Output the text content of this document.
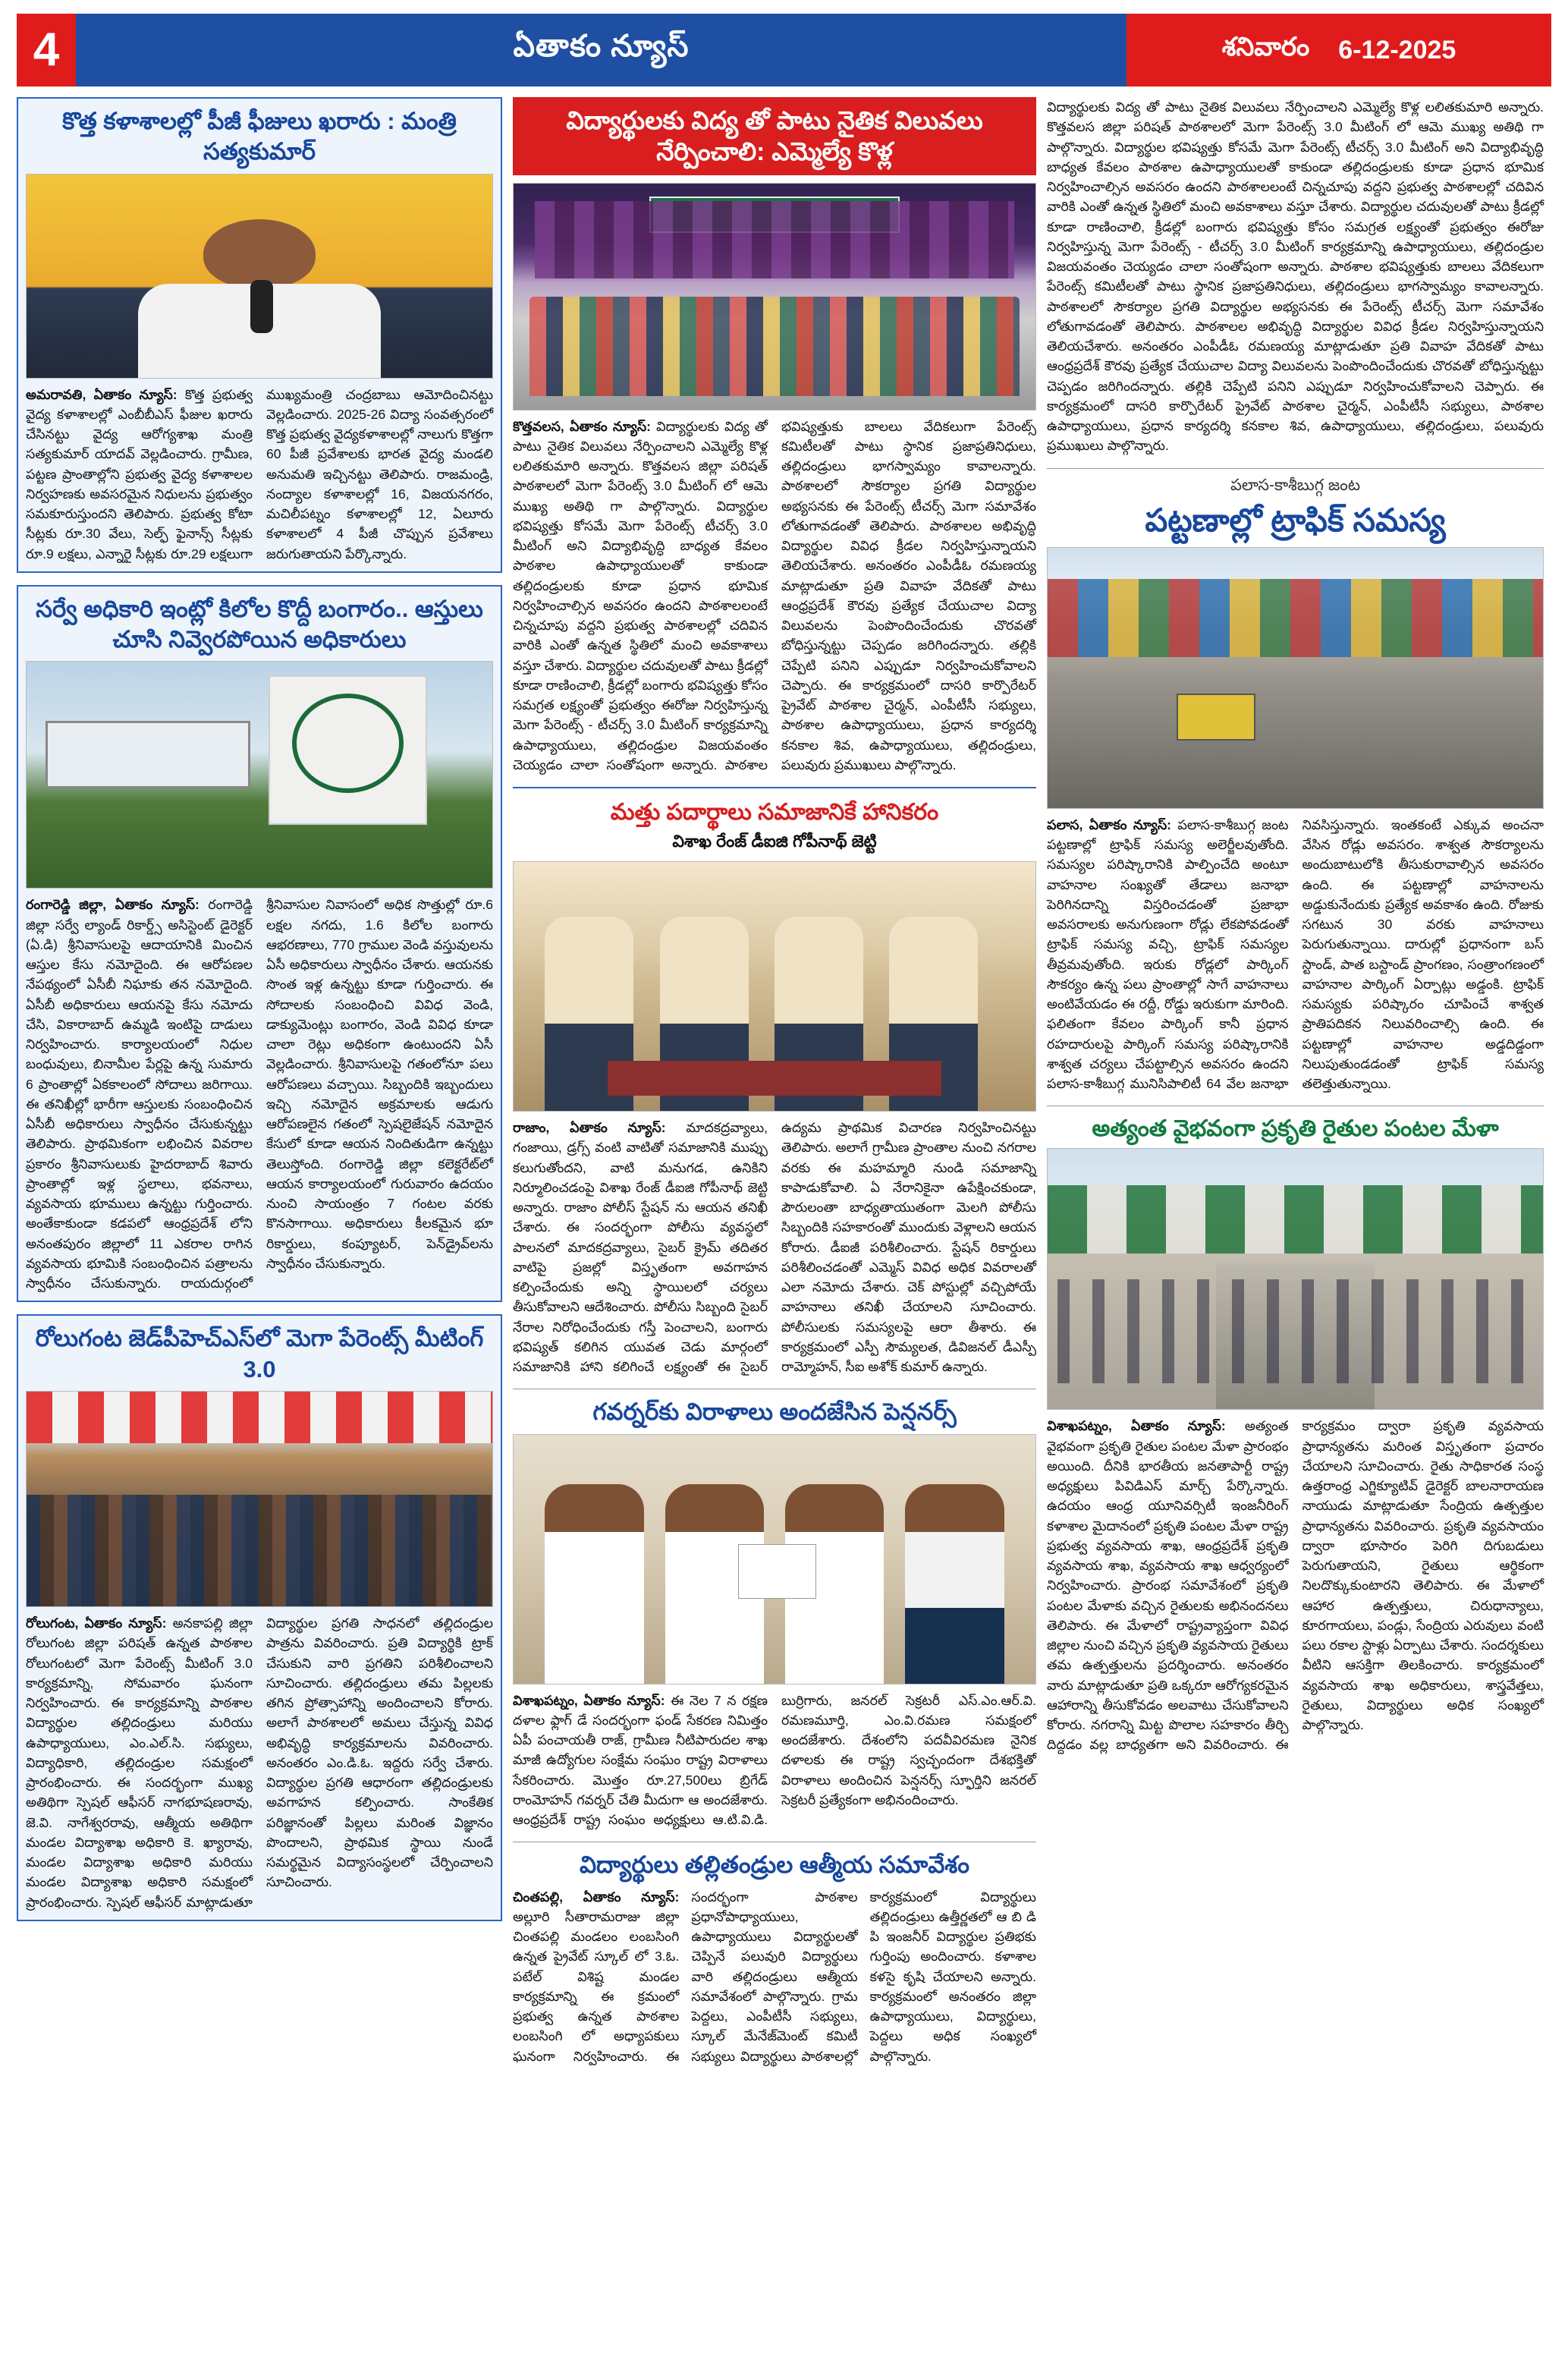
4	ఏతాకం న్యూస్	శనివారం 6-12-2025
కొత్త కళాశాలల్లో పీజీ ఫీజులు ఖరారు : మంత్రి సత్యకుమార్
అమరావతి, ఏతాకం న్యూస్: కొత్త ప్రభుత్వ వైద్య కళాశాలల్లో ఎంబీబీఎస్ ఫీజుల ఖరారు చేసినట్టు వైద్య ఆరోగ్యశాఖ మంత్రి సత్యకుమార్ యాదవ్ వెల్లడించారు. గ్రామీణ, పట్టణ ప్రాంతాల్లోని ప్రభుత్వ వైద్య కళాశాలల నిర్వహణకు అవసరమైన నిధులను ప్రభుత్వం సమకూరుస్తుందని తెలిపారు. ప్రభుత్వ కోటా సీట్లకు రూ.30 వేలు, సెల్ఫ్ ఫైనాన్స్ సీట్లకు రూ.9 లక్షలు, ఎన్నారై సీట్లకు రూ.29 లక్షలుగా ముఖ్యమంత్రి చంద్రబాబు ఆమోదించినట్టు వెల్లడించారు. 2025-26 విద్యా సంవత్సరంలో కొత్త ప్రభుత్వ వైద్యకళాశాలల్లో నాలుగు కొత్తగా 60 పీజీ ప్రవేశాలకు భారత వైద్య మండలి అనుమతి ఇచ్చినట్టు తెలిపారు. రాజమండ్రి, నంద్యాల కళాశాలల్లో 16, విజయనగరం, మచిలీపట్నం కళాశాలల్లో 12, ఏలూరు కళాశాలలో 4 పీజీ చొప్పున ప్రవేశాలు జరుగుతాయని పేర్కొన్నారు.
సర్వే అధికారి ఇంట్లో కిలోల కొద్దీ బంగారం.. ఆస్తులు చూసి నివ్వెరపోయిన అధికారులు
రంగారెడ్డి జిల్లా, ఏతాకం న్యూస్: రంగారెడ్డి జిల్లా సర్వే ల్యాండ్ రికార్డ్స్ అసిస్టెంట్ డైరెక్టర్ (ఏ.డి) శ్రీనివాసులపై ఆదాయానికి మించిన ఆస్తుల కేసు నమోదైంది. ఈ ఆరోపణల నేపథ్యంలో ఏసీబీ నిఘాకు తన నమోదైంది. ఏసీబీ అధికారులు ఆయనపై కేసు నమోదు చేసి, వికారాబాద్ ఉమ్మడి ఇంటిపై దాడులు నిర్వహించారు. కార్యాలయంలో నిధుల బంధువులు, బినామీల పేర్లపై ఉన్న సుమారు 6 ప్రాంతాల్లో ఏకకాలంలో సోదాలు జరిగాయి. ఈ తనిఖీల్లో భారీగా ఆస్తులకు సంబంధించిన ఏసీబీ అధికారులు స్వాధీనం చేసుకున్నట్టు తెలిపారు. ప్రాథమికంగా లభించిన వివరాల ప్రకారం శ్రీనివాసులుకు హైదరాబాద్ శివారు ప్రాంతాల్లో ఇళ్ల స్థలాలు, భవనాలు, వ్యవసాయ భూములు ఉన్నట్టు గుర్తించారు. అంతేకాకుండా కడపలో ఆంధ్రప్రదేశ్ లోని అనంతపురం జిల్లాలో 11 ఎకరాల రాగిన వ్యవసాయ భూమికి సంబంధించిన పత్రాలను స్వాధీనం చేసుకున్నారు. రాయదుర్గంలో శ్రీనివాసుల నివాసంలో అధిక సొత్తుల్లో రూ.6 లక్షల నగదు, 1.6 కిలోల బంగారు ఆభరణాలు, 770 గ్రాముల వెండి వస్తువులను ఏసీ అధికారులు స్వాధీనం చేశారు. ఆయనకు సొంత ఇళ్ల ఉన్నట్టు కూడా గుర్తించారు. ఈ సోదాలకు సంబంధించి వివిధ వెండి, డాక్యుమెంట్లు బంగారం, వెండి వివిధ కూడా చాలా రెట్లు అధికంగా ఉంటుందని ఏసీ వెల్లడించారు. శ్రీనివాసులపై గతంలోనూ పలు ఆరోపణలు వచ్చాయి. సిబ్బందికి ఇబ్బందులు ఇచ్చి నమోదైన అక్రమాలకు ఆడుగు ఆరోపణలైన గతంలో స్పెషలైజేషన్ నమోదైన కేసులో కూడా ఆయన నిందితుడిగా ఉన్నట్టు తెలుస్తోంది. రంగారెడ్డి జిల్లా కలెక్టరేట్‌లో ఆయన కార్యాలయంలో గురువారం ఉదయం నుంచి సాయంత్రం 7 గంటల వరకు కొనసాగాయి. అధికారులు కీలకమైన భూ రికార్డులు, కంప్యూటర్, పెన్‌డ్రైవ్‌లను స్వాధీనం చేసుకున్నారు.
రోలుగంట జెడ్‌పీహెచ్‌ఎస్‌లో మెగా పేరెంట్స్ మీటింగ్ 3.0
రోలుగంట, ఏతాకం న్యూస్: అనకాపల్లి జిల్లా రోలుగంట జిల్లా పరిషత్ ఉన్నత పాఠశాల రోలుగంటలో మెగా పేరెంట్స్ మీటింగ్ 3.0 కార్యక్రమాన్ని, సోమవారం ఘనంగా నిర్వహించారు. ఈ కార్యక్రమాన్ని పాఠశాల విద్యార్థుల తల్లిదండ్రులు మరియు ఉపాధ్యాయులు, ఎం.ఎల్.సి. సభ్యులు, విద్యాధికారి, తల్లిదండ్రుల సమక్షంలో ప్రారంభించారు. ఈ సందర్భంగా ముఖ్య అతిథిగా స్పెషల్ ఆఫీసర్ నాగభూషణరావు, జె.వి. నాగేశ్వరరావు, ఆత్మీయ అతిథిగా మండల విద్యాశాఖ అధికారి కె. ఖ్యారావు, మండల విద్యాశాఖ అధికారి మరియు మండల విద్యాశాఖ అధికారి సమక్షంలో ప్రారంభించారు. స్పెషల్ ఆఫీసర్ మాట్లాడుతూ విద్యార్థుల ప్రగతి సాధనలో తల్లిదండ్రుల పాత్రను వివరించారు. ప్రతి విద్యార్థికి ట్రాక్ చేసుకుని వారి ప్రగతిని పరిశీలించాలని సూచించారు. తల్లిదండ్రులు తమ పిల్లలకు తగిన ప్రోత్సాహాన్ని అందించాలని కోరారు. అలాగే పాఠశాలలో అమలు చేస్తున్న వివిధ అభివృద్ధి కార్యక్రమాలను వివరించారు. అనంతరం ఎం.డి.ఓ. ఇద్దరు సర్వే చేశారు. విద్యార్థుల ప్రగతి ఆధారంగా తల్లిదండ్రులకు అవగాహన కల్పించారు. సాంకేతిక పరిజ్ఞానంతో పిల్లలు మరింత విజ్ఞానం పొందాలని, ప్రాథమిక స్థాయి నుండే సమర్థమైన విద్యాసంస్థలలో చేర్పించాలని సూచించారు.
విద్యార్థులకు విద్య తో పాటు నైతిక విలువలు నేర్పించాలి: ఎమ్మెల్యే కొళ్ల
కొత్తవలస, ఏతాకం న్యూస్: విద్యార్థులకు విద్య తో పాటు నైతిక విలువలు నేర్పించాలని ఎమ్మెల్యే కొళ్ల లలితకుమారి అన్నారు. కొత్తవలస జిల్లా పరిషత్ పాఠశాలలో మెగా పేరెంట్స్ 3.0 మీటింగ్ లో ఆమె ముఖ్య అతిథి గా పాల్గొన్నారు. విద్యార్థుల భవిష్యత్తు కోసమే మెగా పేరెంట్స్ టీచర్స్ 3.0 మీటింగ్ అని విద్యాభివృద్ధి బాధ్యత కేవలం పాఠశాల ఉపాధ్యాయులతో కాకుండా తల్లిదండ్రులకు కూడా ప్రధాన భూమిక నిర్వహించాల్సిన అవసరం ఉందని పాఠశాలలంటే చిన్నచూపు వద్దని ప్రభుత్వ పాఠశాలల్లో చదివిన వారికి ఎంతో ఉన్నత స్థితిలో మంచి అవకాశాలు వస్తూ చేశారు. విద్యార్థుల చదువులతో పాటు క్రీడల్లో కూడా రాణించాలి, క్రీడల్లో బంగారు భవిష్యత్తు కోసం సమగ్రత లక్ష్యంతో ప్రభుత్వం ఈరోజు నిర్వహిస్తున్న మెగా పేరెంట్స్ - టీచర్స్ 3.0 మీటింగ్ కార్యక్రమాన్ని ఉపాధ్యాయులు, తల్లిదండ్రుల విజయవంతం చెయ్యడం చాలా సంతోషంగా అన్నారు. పాఠశాల భవిష్యత్తుకు బాలలు వేదికలుగా పేరెంట్స్ కమిటీలతో పాటు స్థానిక ప్రజాప్రతినిధులు, తల్లిదండ్రులు భాగస్వామ్యం కావాలన్నారు. పాఠశాలలో సౌకర్యాల ప్రగతి విద్యార్థుల అభ్యసనకు ఈ పేరెంట్స్ టీచర్స్ మెగా సమావేశం లోతుగావడంతో తెలిపారు. పాఠశాలల అభివృద్ధి విద్యార్థుల వివిధ క్రీడల నిర్వహిస్తున్నాయని తెలియచేశారు. అనంతరం ఎంపీడీఓ రమణయ్య మాట్లాడుతూ ప్రతి వివాహ వేదికతో పాటు ఆంధ్రప్రదేశ్ కౌరవు ప్రత్యేక చేయుచాల విద్యా విలువలను పెంపొందించేందుకు చొరవతో బోధిస్తున్నట్టు చెప్పడం జరిగిందన్నారు. తల్లికి చెప్పేటి పనిని ఎప్పుడూ నిర్వహించుకోవాలని చెప్పారు. ఈ కార్యక్రమంలో దాసరి కార్పొరేటర్ ప్రైవేట్ పాఠశాల చైర్మన్, ఎంపీటీసీ సభ్యులు, పాఠశాల ఉపాధ్యాయులు, ప్రధాన కార్యదర్శి కనకాల శివ, ఉపాధ్యాయులు, తల్లిదండ్రులు, పలువురు ప్రముఖులు పాల్గొన్నారు.
మత్తు పదార్థాలు సమాజానికే హానికరం
విశాఖ రేంజ్ డీఐజి గోపీనాథ్ జెట్టి
రాజాం, ఏతాకం న్యూస్: మాదకద్రవ్యాలు, గంజాయి, డ్రగ్స్ వంటి వాటితో సమాజానికి ముప్పు కలుగుతోందని, వాటి మనుగడ, ఉనికిని నిర్మూలించడంపై విశాఖ రేంజ్ డీఐజి గోపీనాథ్ జెట్టి అన్నారు. రాజాం పోలీస్ స్టేషన్ ను ఆయన తనిఖీ చేశారు. ఈ సందర్భంగా పోలీసు వ్యవస్థలో పాలనలో మాదకద్రవ్యాలు, సైబర్ క్రైమ్ తదితర వాటిపై ప్రజల్లో విస్తృతంగా అవగాహన కల్పించేందుకు అన్ని స్థాయిలలో చర్యలు తీసుకోవాలని ఆదేశించారు. పోలీసు సిబ్బంది సైబర్ నేరాల నిరోధించేందుకు గస్తీ పెంచాలని, బంగారు భవిష్యత్ కలిగిన యువత చెడు మార్గంలో సమాజానికి హాని కలిగించే లక్ష్యంతో ఈ సైబర్ ఉద్యమ ప్రాథమిక విచారణ నిర్వహించినట్టు తెలిపారు. అలాగే గ్రామీణ ప్రాంతాల నుంచి నగరాల వరకు ఈ మహమ్మారి నుండి సమాజాన్ని కాపాడుకోవాలి. ఏ నేరానికైనా ఉపేక్షించకుండా, పౌరులంతా బాధ్యతాయుతంగా మెలగి పోలీసు సిబ్బందికి సహకారంతో ముందుకు వెళ్లాలని ఆయన కోరారు. డీఐజీ పరిశీలించారు. స్టేషన్ రికార్డులు పరిశీలించడంతో ఎమ్మెస్ వివిధ అధిక వివరాలతో ఎలా నమోదు చేశారు. చెక్ పోస్టుల్లో వచ్చిపోయే వాహనాలు తనిఖీ చేయాలని సూచించారు. పోలీసులకు సమస్యలపై ఆరా తీశారు. ఈ కార్యక్రమంలో ఎస్పీ సౌమ్యలత, డివిజనల్ డీఎస్పీ రామ్మోహన్, సీఐ అశోక్ కుమార్ ఉన్నారు.
గవర్నర్‌కు విరాళాలు అందజేసిన పెన్షనర్స్
విశాఖపట్నం, ఏతాకం న్యూస్: ఈ నెల 7 న రక్షణ దళాల ఫ్లాగ్ డే సందర్భంగా ఫండ్ సేకరణ నిమిత్తం ఏపీ పంచాయతీ రాజ్, గ్రామీణ నీటిపారుదల శాఖ మాజీ ఉద్యోగుల సంక్షేమ సంఘం రాష్ట్ర విరాళాలు సేకరించారు. మొత్తం రూ.27,500లు బ్రిగేడ్ రాంమోహన్ గవర్నర్ చేతి మీదుగా ఆ అందజేశారు. ఆంధ్రప్రదేశ్ రాష్ట్ర సంఘం అధ్యక్షులు ఆ.టి.వి.డి. బుర్రిగారు, జనరల్ సెక్రటరీ ఎస్.ఎం.ఆర్.వి. రమణమూర్తి, ఎం.వి.రమణ సమక్షంలో అందజేశారు. దేశంలోని పదవీవిరమణ నైనిక దళాలకు ఈ రాష్ట్ర స్వచ్ఛందంగా దేశభక్తితో విరాళాలు అందించిన పెన్షనర్స్ స్ఫూర్తిని జనరల్ సెక్రటరీ ప్రత్యేకంగా అభినందించారు.
విద్యార్థులు తల్లితండ్రుల ఆత్మీయ సమావేశం
చింతపల్లి, ఏతాకం న్యూస్: అల్లూరి సీతారామరాజు జిల్లా చింతపల్లి మండలం లంబసింగి ఉన్నత ప్రైవేట్ స్కూల్ లో 3.ఓ. పటేల్ విశిష్ట మండల కార్యక్రమాన్ని ఈ క్రమంలో ప్రభుత్వ ఉన్నత పాఠశాల లంబసింగి లో అధ్యాపకులు ఘనంగా నిర్వహించారు. ఈ సందర్భంగా పాఠశాల ప్రధానోపాధ్యాయులు, ఉపాధ్యాయులు విద్యార్థులతో చెప్పినే పలువురి విద్యార్థులు వారి తల్లిదండ్రులు ఆత్మీయ సమావేశంలో పాల్గొన్నారు. గ్రామ పెద్దలు, ఎంపీటీసీ సభ్యులు, స్కూల్ మేనేజ్‌మెంట్ కమిటీ సభ్యులు విద్యార్థులు పాఠశాలల్లో కార్యక్రమంలో విద్యార్థులు తల్లిదండ్రులు ఉత్తీర్ణతలో ఆ బి డి పి ఇంజనీర్ విద్యార్థుల ప్రతిభకు గుర్తింపు అందించారు. కళాశాల కళసై కృషి చేయాలని అన్నారు. కార్యక్రమంలో అనంతరం జిల్లా ఉపాధ్యాయులు, విద్యార్థులు, పెద్దలు అధిక సంఖ్యలో పాల్గొన్నారు.
విద్యార్థులకు విద్య తో పాటు నైతిక విలువలు నేర్పించాలని ఎమ్మెల్యే కొళ్ల లలితకుమారి అన్నారు. కొత్తవలస జిల్లా పరిషత్ పాఠశాలలో మెగా పేరెంట్స్ 3.0 మీటింగ్ లో ఆమె ముఖ్య అతిథి గా పాల్గొన్నారు. విద్యార్థుల భవిష్యత్తు కోసమే మెగా పేరెంట్స్ టీచర్స్ 3.0 మీటింగ్ అని విద్యాభివృద్ధి బాధ్యత కేవలం పాఠశాల ఉపాధ్యాయులతో కాకుండా తల్లిదండ్రులకు కూడా ప్రధాన భూమిక నిర్వహించాల్సిన అవసరం ఉందని పాఠశాలలంటే చిన్నచూపు వద్దని ప్రభుత్వ పాఠశాలల్లో చదివిన వారికి ఎంతో ఉన్నత స్థితిలో మంచి అవకాశాలు వస్తూ చేశారు. విద్యార్థుల చదువులతో పాటు క్రీడల్లో కూడా రాణించాలి, క్రీడల్లో బంగారు భవిష్యత్తు కోసం సమగ్రత లక్ష్యంతో ప్రభుత్వం ఈరోజు నిర్వహిస్తున్న మెగా పేరెంట్స్ - టీచర్స్ 3.0 మీటింగ్ కార్యక్రమాన్ని ఉపాధ్యాయులు, తల్లిదండ్రుల విజయవంతం చెయ్యడం చాలా సంతోషంగా అన్నారు. పాఠశాల భవిష్యత్తుకు బాలలు వేదికలుగా పేరెంట్స్ కమిటీలతో పాటు స్థానిక ప్రజాప్రతినిధులు, తల్లిదండ్రులు భాగస్వామ్యం కావాలన్నారు. పాఠశాలలో సౌకర్యాల ప్రగతి విద్యార్థుల అభ్యసనకు ఈ పేరెంట్స్ టీచర్స్ మెగా సమావేశం లోతుగావడంతో తెలిపారు. పాఠశాలల అభివృద్ధి విద్యార్థుల వివిధ క్రీడల నిర్వహిస్తున్నాయని తెలియచేశారు. అనంతరం ఎంపీడీఓ రమణయ్య మాట్లాడుతూ ప్రతి వివాహ వేదికతో పాటు ఆంధ్రప్రదేశ్ కౌరవు ప్రత్యేక చేయుచాల విద్యా విలువలను పెంపొందించేందుకు చొరవతో బోధిస్తున్నట్టు చెప్పడం జరిగిందన్నారు. తల్లికి చెప్పేటి పనిని ఎప్పుడూ నిర్వహించుకోవాలని చెప్పారు. ఈ కార్యక్రమంలో దాసరి కార్పొరేటర్ ప్రైవేట్ పాఠశాల చైర్మన్, ఎంపీటీసీ సభ్యులు, పాఠశాల ఉపాధ్యాయులు, ప్రధాన కార్యదర్శి కనకాల శివ, ఉపాధ్యాయులు, తల్లిదండ్రులు, పలువురు ప్రముఖులు పాల్గొన్నారు.
పలాస-కాశీబుగ్గ జంట
పట్టణాల్లో ట్రాఫిక్ సమస్య
పలాస, ఏతాకం న్యూస్: పలాస-కాశీబుగ్గ జంట పట్టణాల్లో ట్రాఫిక్ సమస్య అలెర్జీలవుతోంది. సమస్యల పరిష్కారానికి పాల్పించేది అంటూ వాహనాల సంఖ్యతో తేడాలు జనాభా పెరిగినదాన్ని విస్తరించడంతో ప్రజాభా అవసరాలకు అనుగుణంగా రోడ్లు లేకపోవడంతో ట్రాఫిక్ సమస్య వచ్చి, ట్రాఫిక్ సమస్యల తీవ్రమవుతోంది. ఇరుకు రోడ్లలో పార్కింగ్ సౌకర్యం ఉన్న పలు ప్రాంతాల్లో సాగే వాహనాలు అంటివేయడం ఈ రద్దీ, రోడ్డు ఇరుకుగా మారింది. ఫలితంగా కేవలం పార్కింగ్ కానీ ప్రధాన రహదారులపై పార్కింగ్ సమస్య పరిష్కారానికి శాశ్వత చర్యలు చేపట్టాల్సిన అవసరం ఉందని పలాస-కాశీబుగ్గ మునిసిపాలిటీ 64 వేల జనాభా నివసిస్తున్నారు. ఇంతకంటే ఎక్కువ అంచనా వేసిన రోడ్లు అవసరం. శాశ్వత సౌకర్యాలను అందుబాటులోకి తీసుకురావాల్సిన అవసరం ఉంది. ఈ పట్టణాల్లో వాహనాలను అడ్డుకునేందుకు ప్రత్యేక అవకాశం ఉంది. రోజుకు సగటున 30 వరకు వాహనాలు పెరుగుతున్నాయి. దారుల్లో ప్రధానంగా బస్ స్టాండ్, పాత బస్టాండ్ ప్రాంగణం, సంత్రాంగణంలో వాహనాల పార్కింగ్ ఏర్పాట్లు అడ్డంకి. ట్రాఫిక్ సమస్యకు పరిష్కారం చూపించే శాశ్వత ప్రాతిపదికన నిలువరించాల్సి ఉంది. ఈ పట్టణాల్లో వాహనాల అడ్డదిడ్డంగా నిలుపుతుండడంతో ట్రాఫిక్ సమస్య తలెత్తుతున్నాయి.
అత్యంత వైభవంగా ప్రకృతి రైతుల పంటల మేళా
విశాఖపట్నం, ఏతాకం న్యూస్: అత్యంత వైభవంగా ప్రకృతి రైతుల పంటల మేళా ప్రారంభం అయింది. దీనికి భారతీయ జనతాపార్టీ రాష్ట్ర అధ్యక్షులు పివిడిఎస్ మార్చ్ పేర్కొన్నారు. ఉదయం ఆంధ్ర యూనివర్సిటీ ఇంజనీరింగ్ కళాశాల మైదానంలో ప్రకృతి పంటల మేళా రాష్ట్ర ప్రభుత్వ వ్యవసాయ శాఖ, ఆంధ్రప్రదేశ్ ప్రకృతి వ్యవసాయ శాఖ, వ్యవసాయ శాఖ ఆధ్వర్యంలో నిర్వహించారు. ప్రారంభ సమావేశంలో ప్రకృతి పంటల మేళాకు వచ్చిన రైతులకు అభినందనలు తెలిపారు. ఈ మేళాలో రాష్ట్రవ్యాప్తంగా వివిధ జిల్లాల నుంచి వచ్చిన ప్రకృతి వ్యవసాయ రైతులు తమ ఉత్పత్తులను ప్రదర్శించారు. అనంతరం వారు మాట్లాడుతూ ప్రతి ఒక్కరూ ఆరోగ్యకరమైన ఆహారాన్ని తీసుకోవడం అలవాటు చేసుకోవాలని కోరారు. నగరాన్ని మిట్ట పొలాల సహకారం తీర్చి దిద్దడం వల్ల బాధ్యతగా అని వివరించారు. ఈ కార్యక్రమం ద్వారా ప్రకృతి వ్యవసాయ ప్రాధాన్యతను మరింత విస్తృతంగా ప్రచారం చేయాలని సూచించారు. రైతు సాధికారత సంస్థ ఉత్తరాంధ్ర ఎగ్జిక్యూటివ్ డైరెక్టర్ బాలనారాయణ నాయుడు మాట్లాడుతూ సేంద్రియ ఉత్పత్తుల ప్రాధాన్యతను వివరించారు. ప్రకృతి వ్యవసాయం ద్వారా భూసారం పెరిగి దిగుబడులు పెరుగుతాయని, రైతులు ఆర్థికంగా నిలదొక్కుకుంటారని తెలిపారు. ఈ మేళాలో ఆహార ఉత్పత్తులు, చిరుధాన్యాలు, కూరగాయలు, పండ్లు, సేంద్రియ ఎరువులు వంటి పలు రకాల స్టాళ్లు ఏర్పాటు చేశారు. సందర్శకులు వీటిని ఆసక్తిగా తిలకించారు. కార్యక్రమంలో వ్యవసాయ శాఖ అధికారులు, శాస్త్రవేత్తలు, రైతులు, విద్యార్థులు అధిక సంఖ్యలో పాల్గొన్నారు.
